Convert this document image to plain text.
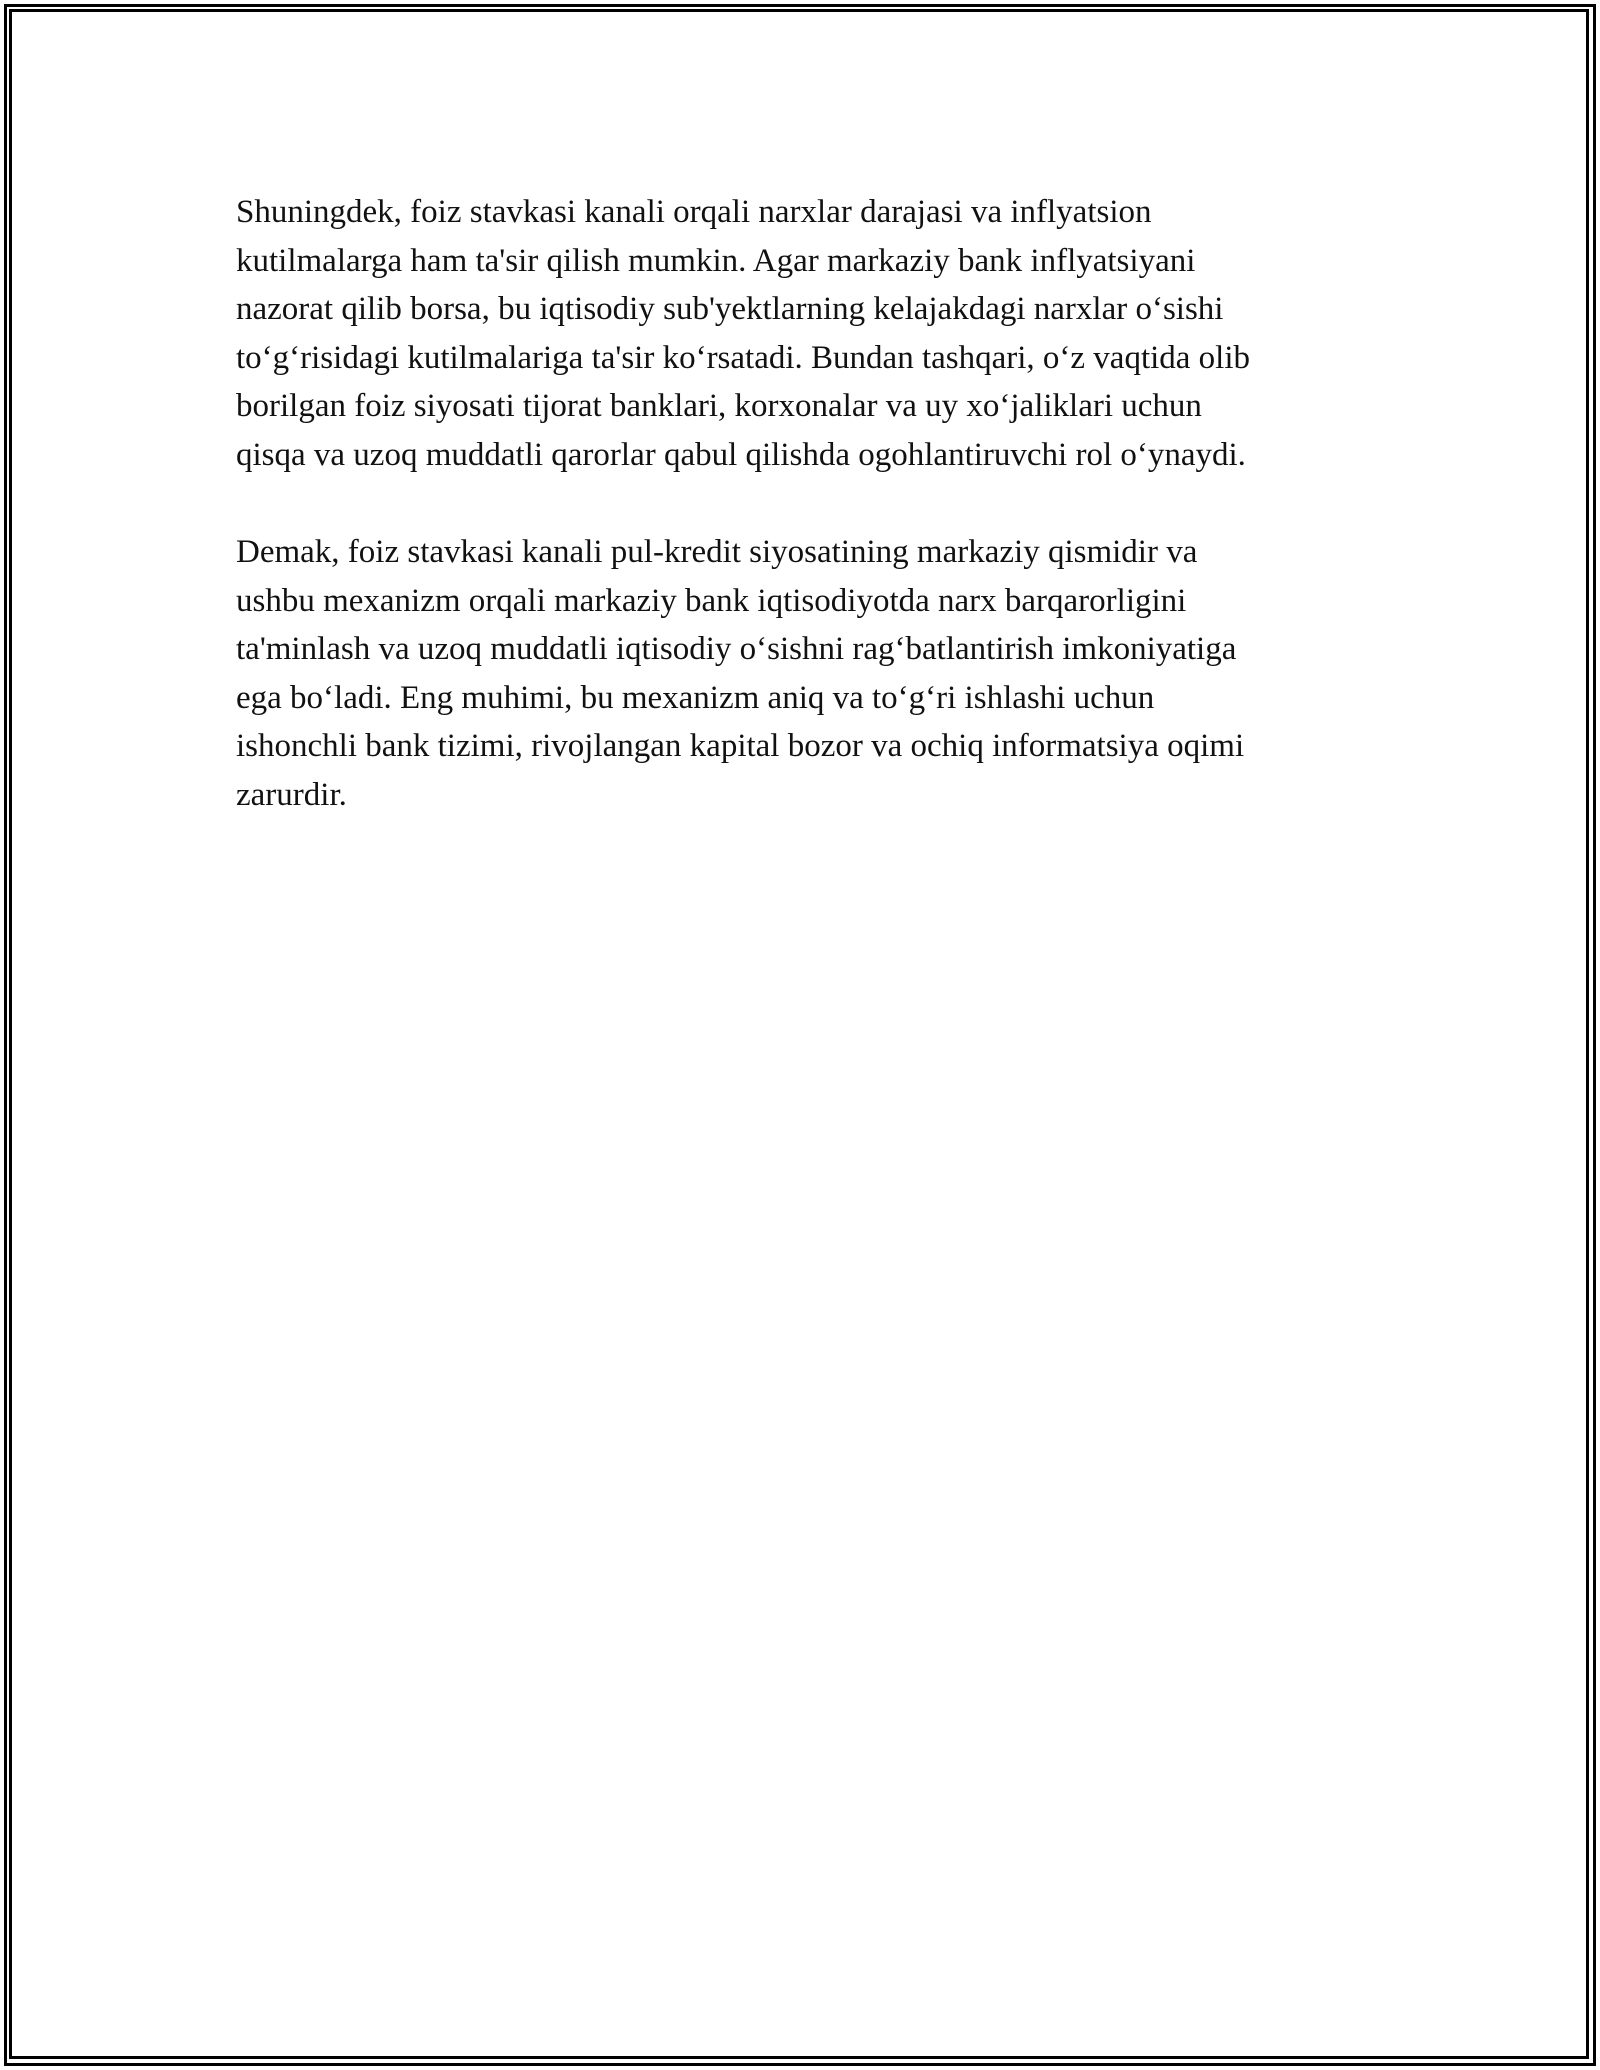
Shuningdek, foiz stavkasi kanali orqali narxlar darajasi va inflyatsion
kutilmalarga ham ta'sir qilish mumkin. Agar markaziy bank inflyatsiyani
nazorat qilib borsa, bu iqtisodiy sub'yektlarning kelajakdagi narxlar o‘sishi
to‘g‘risidagi kutilmalariga ta'sir ko‘rsatadi. Bundan tashqari, o‘z vaqtida olib
borilgan foiz siyosati tijorat banklari, korxonalar va uy xo‘jaliklari uchun
qisqa va uzoq muddatli qarorlar qabul qilishda ogohlantiruvchi rol o‘ynaydi.

Demak, foiz stavkasi kanali pul-kredit siyosatining markaziy qismidir va
ushbu mexanizm orqali markaziy bank iqtisodiyotda narx barqarorligini
ta'minlash va uzoq muddatli iqtisodiy o‘sishni rag‘batlantirish imkoniyatiga
ega bo‘ladi. Eng muhimi, bu mexanizm aniq va to‘g‘ri ishlashi uchun
ishonchli bank tizimi, rivojlangan kapital bozor va ochiq informatsiya oqimi
zarurdir.
